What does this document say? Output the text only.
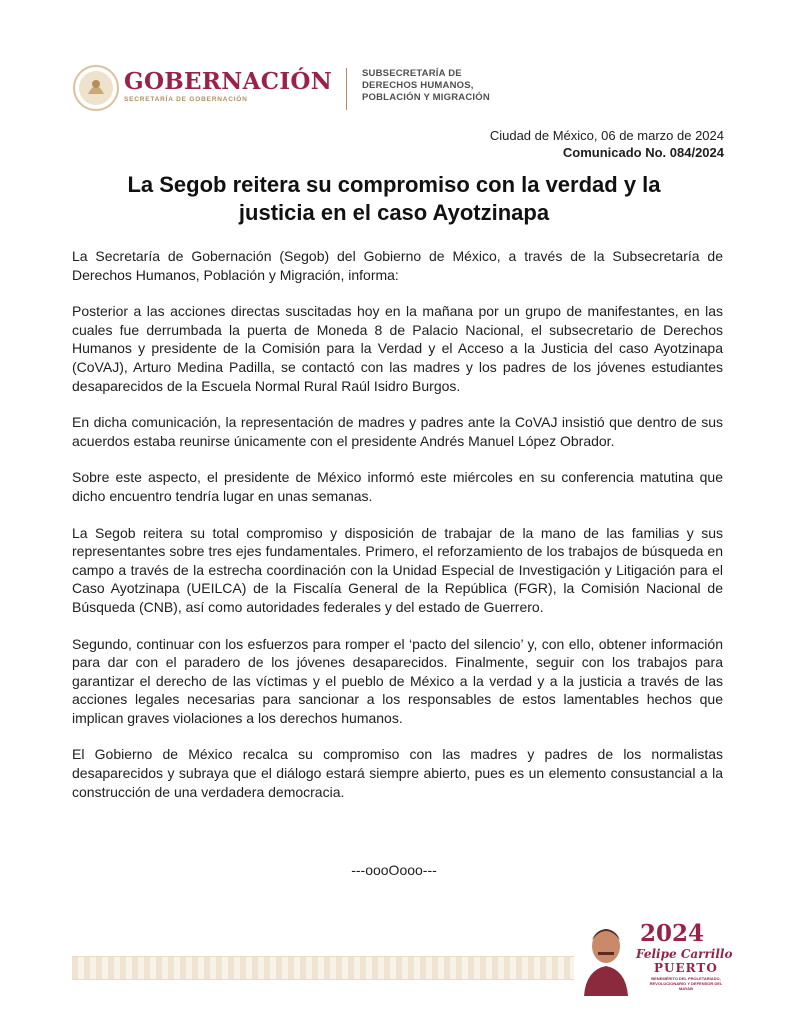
GOBERNACIÓN
SECRETARÍA DE GOBERNACIÓN
SUBSECRETARÍA DE
DERECHOS HUMANOS,
POBLACIÓN Y MIGRACIÓN
Ciudad de México, 06 de marzo de 2024
Comunicado No. 084/2024
La Segob reitera su compromiso con la verdad y la
justicia en el caso Ayotzinapa

La Secretaría de Gobernación (Segob) del Gobierno de México, a través de la Subsecretaría de Derechos Humanos, Población y Migración, informa:

Posterior a las acciones directas suscitadas hoy en la mañana por un grupo de manifestantes, en las cuales fue derrumbada la puerta de Moneda 8 de Palacio Nacional, el subsecretario de Derechos Humanos y presidente de la Comisión para la Verdad y el Acceso a la Justicia del caso Ayotzinapa (CoVAJ), Arturo Medina Padilla, se contactó con las madres y los padres de los jóvenes estudiantes desaparecidos de la Escuela Normal Rural Raúl Isidro Burgos.

En dicha comunicación, la representación de madres y padres ante la CoVAJ insistió que dentro de sus acuerdos estaba reunirse únicamente con el presidente Andrés Manuel López Obrador.

Sobre este aspecto, el presidente de México informó este miércoles en su conferencia matutina que dicho encuentro tendría lugar en unas semanas.

La Segob reitera su total compromiso y disposición de trabajar de la mano de las familias y sus representantes sobre tres ejes fundamentales. Primero, el reforzamiento de los trabajos de búsqueda en campo a través de la estrecha coordinación con la Unidad Especial de Investigación y Litigación para el Caso Ayotzinapa (UEILCA) de la Fiscalía General de la República (FGR), la Comisión Nacional de Búsqueda (CNB), así como autoridades federales y del estado de Guerrero.

Segundo, continuar con los esfuerzos para romper el ‘pacto del silencio’ y, con ello, obtener información para dar con el paradero de los jóvenes desaparecidos. Finalmente, seguir con los trabajos para garantizar el derecho de las víctimas y el pueblo de México a la verdad y a la justicia a través de las acciones legales necesarias para sancionar a los responsables de estos lamentables hechos que implican graves violaciones a los derechos humanos.

El Gobierno de México recalca su compromiso con las madres y padres de los normalistas desaparecidos y subraya que el diálogo estará siempre abierto, pues es un elemento consustancial a la construcción de una verdadera democracia.

---oooOooo---
2024
Felipe Carrillo
PUERTO
BENEMÉRITO DEL PROLETARIADO, REVOLUCIONARIO Y DEFENSOR DEL MAYAB
